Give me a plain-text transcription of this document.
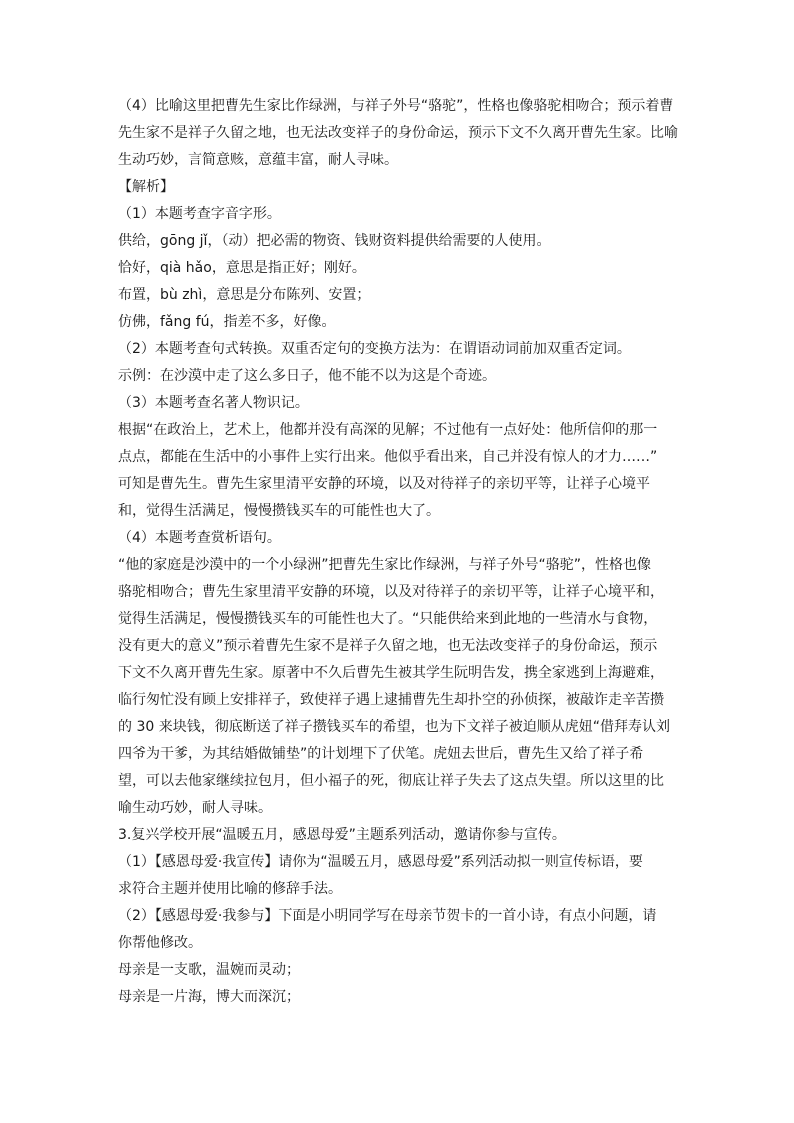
（4）比喻这里把曹先生家比作绿洲，与祥子外号“骆驼”，性格也像骆驼相吻合；预示着曹
先生家不是祥子久留之地，也无法改变祥子的身份命运，预示下文不久离开曹先生家。比喻
生动巧妙，言简意赅，意蕴丰富，耐人寻味。
【解析】
（1）本题考查字音字形。
供给，gōng jǐ，（动）把必需的物资、钱财资料提供给需要的人使用。
恰好，qià hǎo，意思是指正好；刚好。
布置，bù zhì，意思是分布陈列、安置；
仿佛，fǎng fú，指差不多，好像。
（2）本题考查句式转换。双重否定句的变换方法为：在谓语动词前加双重否定词。
示例：在沙漠中走了这么多日子，他不能不以为这是个奇迹。
（3）本题考查名著人物识记。
根据“在政治上，艺术上，他都并没有高深的见解；不过他有一点好处：他所信仰的那一
点点，都能在生活中的小事件上实行出来。他似乎看出来，自己并没有惊人的才力……”
可知是曹先生。曹先生家里清平安静的环境，以及对待祥子的亲切平等，让祥子心境平
和，觉得生活满足，慢慢攒钱买车的可能性也大了。
（4）本题考查赏析语句。
“他的家庭是沙漠中的一个小绿洲”把曹先生家比作绿洲，与祥子外号“骆驼”，性格也像
骆驼相吻合；曹先生家里清平安静的环境，以及对待祥子的亲切平等，让祥子心境平和，
觉得生活满足，慢慢攒钱买车的可能性也大了。“只能供给来到此地的一些清水与食物，
没有更大的意义”预示着曹先生家不是祥子久留之地，也无法改变祥子的身份命运，预示
下文不久离开曹先生家。原著中不久后曹先生被其学生阮明告发，携全家逃到上海避难，
临行匆忙没有顾上安排祥子，致使祥子遇上逮捕曹先生却扑空的孙侦探，被敲诈走辛苦攒
的 30 来块钱，彻底断送了祥子攒钱买车的希望，也为下文祥子被迫顺从虎妞“借拜寿认刘
四爷为干爹，为其结婚做铺垫”的计划埋下了伏笔。虎妞去世后，曹先生又给了祥子希
望，可以去他家继续拉包月，但小福子的死，彻底让祥子失去了这点失望。所以这里的比
喻生动巧妙，耐人寻味。
3.复兴学校开展“温暖五月，感恩母爱”主题系列活动，邀请你参与宣传。
（1）【感恩母爱·我宣传】请你为“温暖五月，感恩母爱”系列活动拟一则宣传标语，要
求符合主题并使用比喻的修辞手法。
（2）【感恩母爱·我参与】下面是小明同学写在母亲节贺卡的一首小诗，有点小问题，请
你帮他修改。
母亲是一支歌，温婉而灵动；
母亲是一片海，博大而深沉；
